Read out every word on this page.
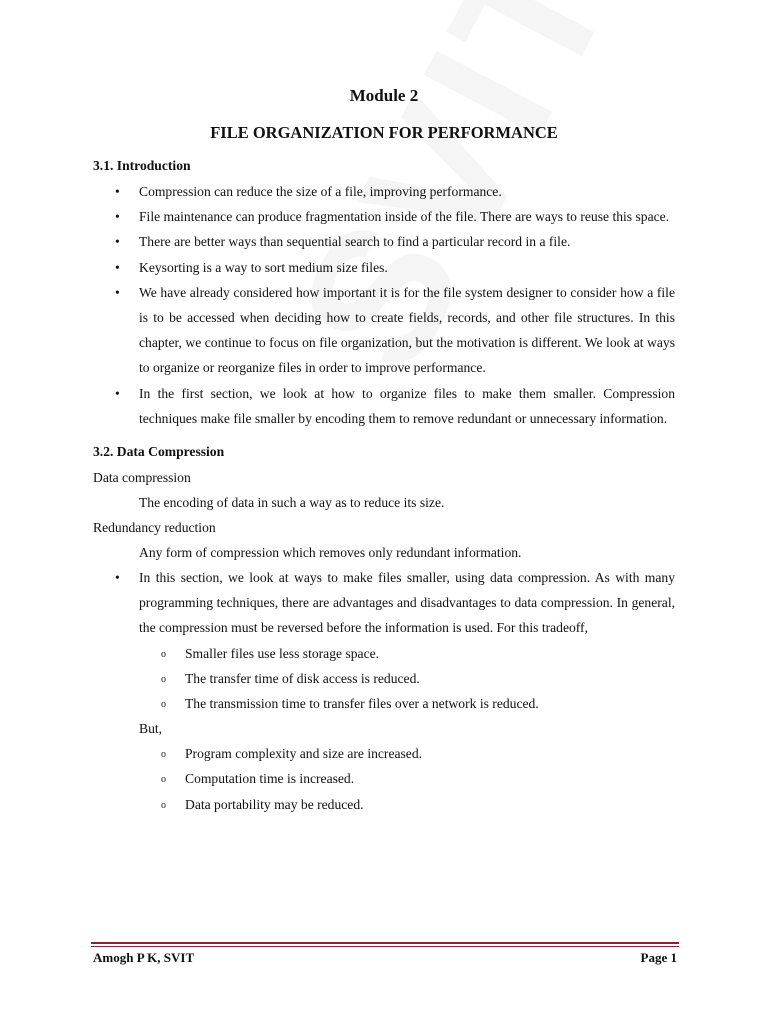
Module 2
FILE ORGANIZATION FOR PERFORMANCE
3.1. Introduction
• Compression can reduce the size of a file, improving performance.
• File maintenance can produce fragmentation inside of the file. There are ways to reuse this space.
• There are better ways than sequential search to find a particular record in a file.
• Keysorting is a way to sort medium size files.
• We have already considered how important it is for the file system designer to consider how a file is to be accessed when deciding how to create fields, records, and other file structures. In this chapter, we continue to focus on file organization, but the motivation is different. We look at ways to organize or reorganize files in order to improve performance.
• In the first section, we look at how to organize files to make them smaller. Compression techniques make file smaller by encoding them to remove redundant or unnecessary information.
3.2. Data Compression

Data compression

The encoding of data in such a way as to reduce its size.

Redundancy reduction

Any form of compression which removes only redundant information.

• In this section, we look at ways to make files smaller, using data compression. As with many programming techniques, there are advantages and disadvantages to data compression. In general, the compression must be reversed before the information is used. For this tradeoff,
o Smaller files use less storage space.
o The transfer time of disk access is reduced.
o The transmission time to transfer files over a network is reduced.

But,

o Program complexity and size are increased.
o Computation time is increased.
o Data portability may be reduced.
Amogh P K, SVIT	Page 1
